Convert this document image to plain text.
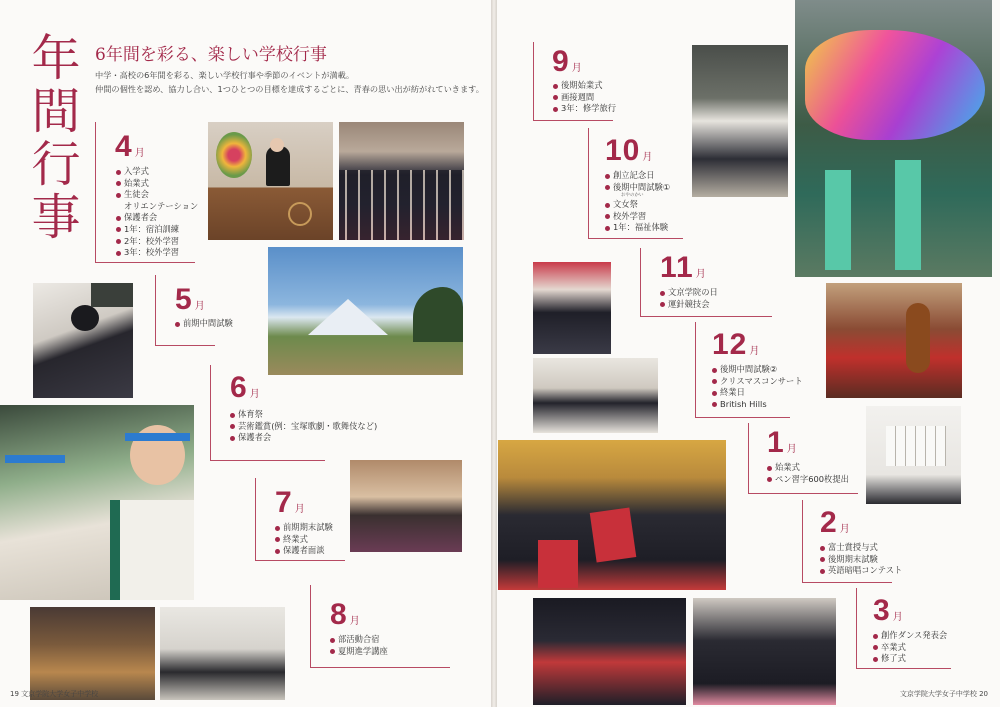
年
間
行
事
6年間を彩る、楽しい学校行事
中学・高校の6年間を彩る、楽しい学校行事や季節のイベントが満載。
仲間の個性を認め、協力し合い、1つひとつの目標を達成するごとに、青春の思い出が紡がれていきます。
4 月
入学式
始業式
生徒会
オリエンテーション
保護者会
1年：宿泊訓練
2年：校外学習
3年：校外学習
5 月
前期中間試験
6 月
体育祭
芸術鑑賞(例：宝塚歌劇・歌舞伎など)
保護者会
7 月
前期期末試験
終業式
保護者面談
8 月
部活動合宿
夏期進学講座
19 文京学院大学女子中学校
9 月
後期始業式
画接週間
3年：修学旅行
10 月
創立記念日
後期中間試験①
おやのかい
文女祭
校外学習
1年：福祉体験
11 月
文京学院の日
運針競技会
12 月
後期中間試験②
クリスマスコンサート
終業日
British Hills
1 月
始業式
ペン習字600枚提出
2 月
富士賞授与式
後期期末試験
英語暗唱コンテスト
3 月
創作ダンス発表会
卒業式
修了式
文京学院大学女子中学校 20
